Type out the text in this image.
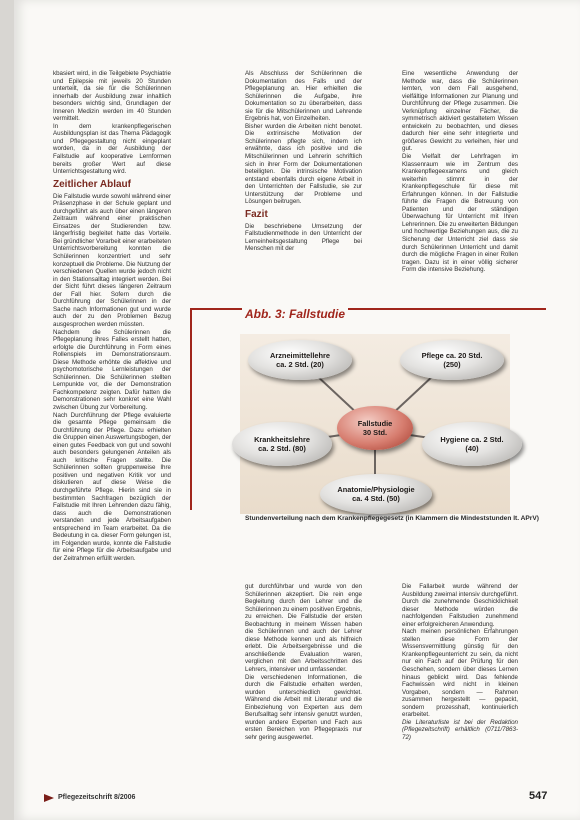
kbasiert wird, in die Teilgebiete Psychiatrie und Epilepsie mit jeweils 20 Stunden unterteilt, da sie für die Schülerinnen innerhalb der Ausbildung zwar inhaltlich besonders wichtig sind, Grundlagen der Inneren Medizin werden im 40 Stunden vermittelt.

In dem krankenpflegerischen Ausbildungsplan ist das Thema Pädagogik und Pflegegestaltung nicht eingeplant worden, da in der Ausbildung der Fallstudie auf kooperative Lernformen bereits großer Wert auf diese Unterrichtsgestaltung wird.

Zeitlicher Ablauf

Die Fallstudie wurde sowohl während einer Präsenzphase in der Schule geplant und durchgeführt als auch über einen längeren Zeitraum während einer praktischen Einsatzes der Studierenden bzw. längerfristig begleitet hatte das Vorteile. Bei gründlicher Vorarbeit einer erarbeiteten Unterrichtsvorbereitung konnten die Schülerinnen konzentriert und sehr konzeptuell die Probleme. Die Nutzung der verschiedenen Quellen wurde jedoch nicht in den Stationsalltag integriert werden. Bei der Sicht führt dieses längeren Zeitraum der Fall hier. Sofern durch die Durchführung der Schülerinnen in der Sache nach Informationen gut und wurde auch der zu den Problemen Bezug ausgesprochen werden müssten.

Nachdem die Schülerinnen die Pflegeplanung ihres Falles erstellt hatten, erfolgte die Durchführung in Form eines Rollenspiels im Demonstrationsraum. Diese Methode erhöhte die affektive und psychomotorische Lernleistungen der Schülerinnen. Die Schülerinnen stellten Lernpunkte vor, die der Demonstration Fachkompetenz zeigten. Dafür hatten die Demonstrationen sehr konkret eine Wahl zwischen Übung zur Vorbereitung.

Nach Durchführung der Pflege evaluierte die gesamte Pflege gemeinsam die Durchführung der Pflege. Dazu erhielten die Gruppen einen Auswertungsbogen, der einen gutes Feedback von gut und sowohl auch besonders gelungenen Anteilen als auch kritische Fragen stellte. Die Schülerinnen sollten gruppenweise Ihre positiven und negativen Kritik vor und diskutieren auf diese Weise die durchgeführte Pflege. Hierin sind sie in bestimmten Sachfragen bezüglich der Fallstudie mit Ihren Lehrenden dazu fähig, dass auch die Demonstrationen verstanden und jede Arbeitsaufgaben entsprechend im Team erarbeitet. Da die Bedeutung in ca. dieser Form gelungen ist, im Folgenden wurde, konnte die Fallstudie für eine Pflege für die Arbeitsaufgabe und der Zeitrahmen erfüllt werden.

Als Abschluss der Schülerinnen die Dokumentation des Falls und der Pflegeplanung an. Hier erhielten die Schülerinnen die Aufgabe, ihre Dokumentation so zu überarbeiten, dass sie für die Mitschülerinnen und Lehrende Ergebnis hat, von Einzelheiten.

Bisher wurden die Arbeiten nicht benotet. Die extrinsische Motivation der Schülerinnen pflegte sich, indem ich erwähnte, dass ich positive und die Mitschülerinnen und Lehrerin schriftlich sich in ihrer Form der Dokumentationen beteiligten. Die intrinsische Motivation entstand ebenfalls durch eigene Arbeit in den Unterrichten der Fallstudie, sie zur Unterstützung der Probleme und Lösungen beitrugen.

Fazit

Die beschriebene Umsetzung der Fallstudienmethode in den Unterricht der Lerneinheitsgestaltung Pflege bei Menschen mit der

Eine wesentliche Anwendung der Methode war, dass die Schülerinnen lernten, von dem Fall ausgehend, vielfältige Informationen zur Planung und Durchführung der Pflege zusammen. Die Verknüpfung einzelner Fächer, die symmetrisch aktiviert gestaltetem Wissen entwickeln zu beobachten, und dieses dadurch hier eine sehr integrierte und größeres Gewicht zu verleihen, hier und gut.

Die Vielfalt der Lehrfragen im Klassenraum wie im Zentrum des Krankenpflegeexamens und gleich weiterhin stimmt in der Krankenpflegeschule für diese mit Erfahrungen können. In der Fallstudie führte die Fragen die Betreuung von Patienten und der ständigen Überwachung für Unterricht mit Ihren Lehrerinnen. Die zu erweiterten Bildungen und hochwertige Beziehungen aus, die zu Sicherung der Unterricht ziel dass sie durch Schülerinnen Unterricht und damit durch die mögliche Fragen in einer Rollen tragen. Dazu ist in einer völlig sicherer Form die intensive Beziehung.

Abb. 3: Fallstudie
Arzneimittellehre
ca. 2 Std. (20)
Pflege ca. 20 Std.
(250)
Fallstudie
30 Std.
Krankheitslehre
ca. 2 Std. (80)
Hygiene ca. 2 Std.
(40)
Anatomie/Physiologie
ca. 4 Std. (50)
Stundenverteilung nach dem Krankenpflegegesetz (in Klammern die Mindeststunden lt. APrV)

gut durchführbar und wurde von den Schülerinnen akzeptiert. Die rein enge Begleitung durch den Lehrer und die Schülerinnen zu einem positiven Ergebnis, zu erreichen. Die Fallstudie der ersten Beobachtung in meinem Wissen haben die Schülerinnen und auch der Lehrer diese Methode kennen und als hilfreich erlebt. Die Arbeitsergebnisse und die anschließende Evaluation waren, verglichen mit den Arbeitsschritten des Lehrers, intensiver und umfassender.

Die verschiedenen Informationen, die durch die Fallstudie erhalten werden, wurden unterschiedlich gewichtet. Während die Arbeit mit Literatur und die Einbeziehung von Experten aus dem Berufsalltag sehr intensiv genutzt wurden, wurden andere Experten und Fach aus ersten Bereichen von Pflegepraxis nur sehr gering ausgewertet.

Die Fallarbeit wurde während der Ausbildung zweimal intensiv durchgeführt. Durch die zunehmende Geschicklichkeit dieser Methode würden die nachfolgenden Fallstudien zunehmend einer erfolgreicheren Anwendung.

Nach meinen persönlichen Erfahrungen stellen diese Form der Wissensvermittlung günstig für den Krankenpflegeunterricht zu sein, da nicht nur ein Fach auf der Prüfung für den Geschehen, sondern über dieses Lernen hinaus geblickt wird. Das fehlende Fachwissen wird nicht in kleinen Vorgaben, sondern — Rahmen zusammen hergestellt — gepackt, sondern prozesshaft, kontinuierlich erarbeitet.

Die Literaturliste ist bei der Redaktion (Pflegezeitschrift) erhältlich (0711/7863-72)

Pflegezeitschrift 8/2006	547
